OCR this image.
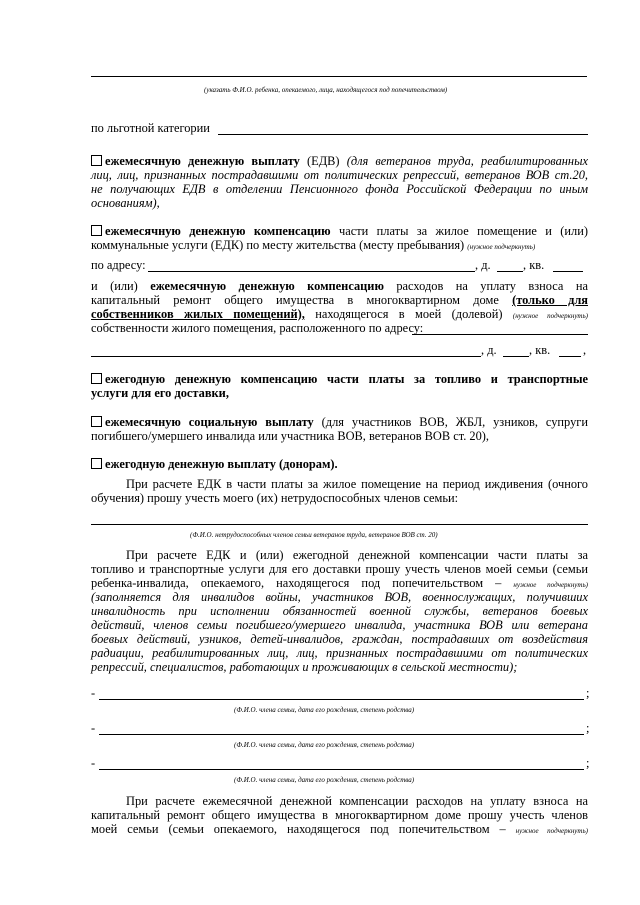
(указать Ф.И.О. ребенка, опекаемого, лица, находящегося под попечительством)
по льготной категории
ежемесячную денежную выплату (ЕДВ) (для ветеранов труда, реабилитированных
лиц, лиц, признанных пострадавшими от политических репрессий, ветеранов ВОВ ст.20,
не получающих ЕДВ в отделении Пенсионного фонда Российской Федерации по иным
основаниям),
ежемесячную денежную компенсацию части платы за жилое помещение и (или)
коммунальные услуги (ЕДК) по месту жительства (месту пребывания) (нужное подчеркнуть)
по адресу:	, д.	, кв.
и (или) ежемесячную денежную компенсацию расходов на уплату взноса на
капитальный ремонт общего имущества в многоквартирном доме (только для
собственников жилых помещений), находящегося в моей (долевой) (нужное подчеркнуть)
собственности жилого помещения, расположенного по адресу:
, д.	, кв.	,
ежегодную денежную компенсацию части платы за топливо и транспортные
услуги для его доставки,
ежемесячную социальную выплату (для участников ВОВ, ЖБЛ, узников, супруги
погибшего/умершего инвалида или участника ВОВ, ветеранов ВОВ ст. 20),
ежегодную денежную выплату (донорам).
При расчете ЕДК в части платы за жилое помещение на период иждивения (очного
обучения) прошу учесть моего (их) нетрудоспособных членов семьи:
(Ф.И.О. нетрудоспособных членов семьи ветеранов труда, ветеранов ВОВ ст. 20)
При расчете ЕДК и (или) ежегодной денежной компенсации части платы за
топливо и транспортные услуги для его доставки прошу учесть членов моей семьи (семьи
ребенка-инвалида, опекаемого, находящегося под попечительством – нужное подчеркнуть)
(заполняется для инвалидов войны, участников ВОВ, военнослужащих, получивших
инвалидность при исполнении обязанностей военной службы, ветеранов боевых
действий, членов семьи погибшего/умершего инвалида, участника ВОВ или ветерана
боевых действий, узников, детей-инвалидов, граждан, пострадавших от воздействия
радиации, реабилитированных лиц, лиц, признанных пострадавшими от политических
репрессий, специалистов, работающих и проживающих в сельской местности);
-	;
(Ф.И.О. члена семьи, дата его рождения, степень родства)
-	;
(Ф.И.О. члена семьи, дата его рождения, степень родства)
-	;
(Ф.И.О. члена семьи, дата его рождения, степень родства)
При расчете ежемесячной денежной компенсации расходов на уплату взноса на
капитальный ремонт общего имущества в многоквартирном доме прошу учесть членов
моей семьи (семьи опекаемого, находящегося под попечительством – нужное подчеркнуть)
